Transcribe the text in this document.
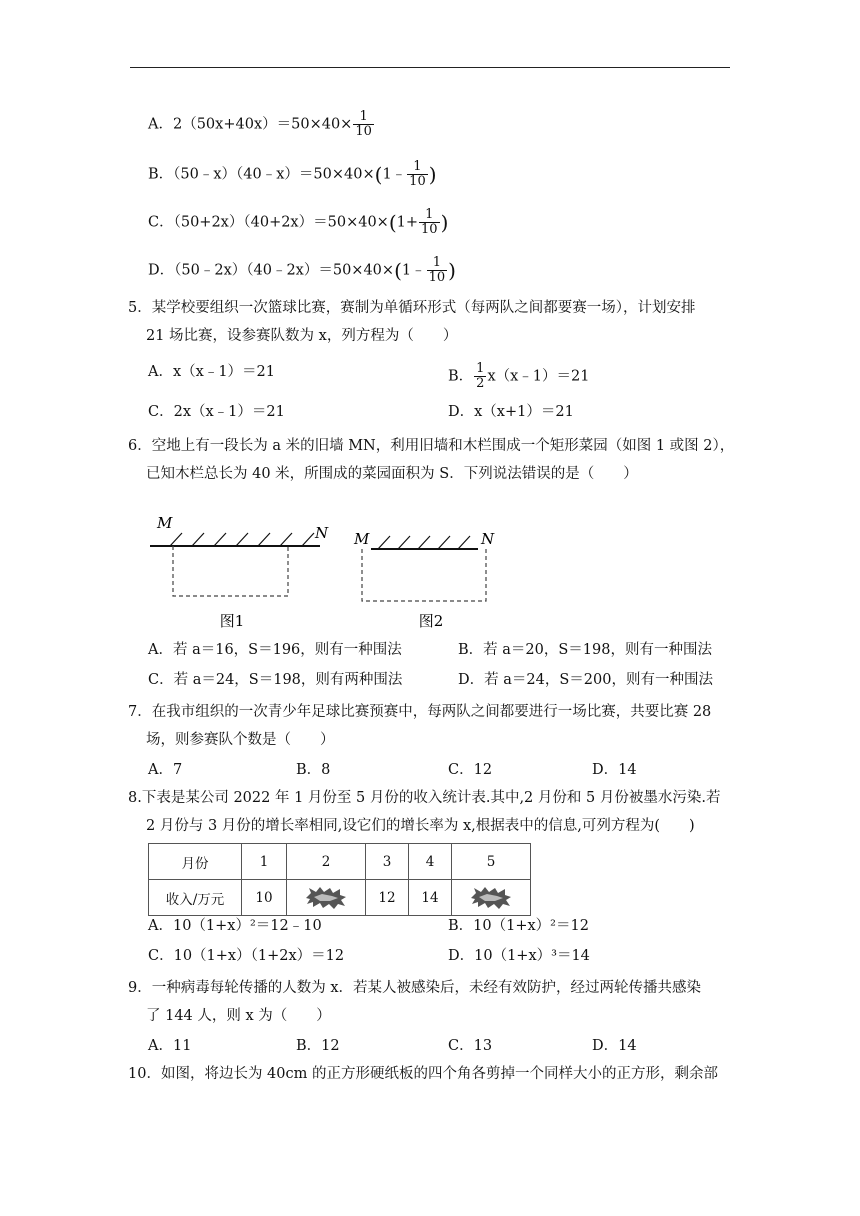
A．$2(50x+40x)=50\times 40\times \frac{1}{10}$
B．（50﹣x）（40﹣x）＝50×40×(1﹣ $\frac{1}{10}$ )
C．$(50+2x)(40+2x)=50\times 40\times(1+ \frac{1}{10}$ )
D．（50﹣2x）（40﹣2x）＝50×40×(1﹣ $\frac{1}{10}$ )
5．某学校要组织一次篮球比赛，赛制为单循环形式（每两队之间都要赛一场），计划安排
21 场比赛，设参赛队数为 x，列方程为（　　）
A．x（x﹣1）＝21	B． $\frac{1}{2}$ x（x﹣1）＝21
C．2x（x﹣1）＝21	D．x（x+1）＝21
6．空地上有一段长为 a 米的旧墙 MN，利用旧墙和木栏围成一个矩形菜园（如图 1 或图 2），
已知木栏总长为 40 米，所围成的菜园面积为 S．下列说法错误的是（　　）
M
N
图1
M	N
图2
A．若 a＝16，S＝196，则有一种围法	B．若 a＝20，S＝198，则有一种围法
C．若 a＝24，S＝198，则有两种围法	D．若 a＝24，S＝200，则有一种围法
7．在我市组织的一次青少年足球比赛预赛中，每两队之间都要进行一场比赛，共要比赛 28
场，则参赛队个数是（　　）
A．7	B．8	C．12	D．14
8.下表是某公司 2022 年 1 月份至 5 月份的收入统计表.其中,2 月份和 5 月份被墨水污染.若
2 月份与 3 月份的增长率相同,设它们的增长率为 x,根据表中的信息,可列方程为(　　)
月份	1	2	3	4	5
收入/万元	10		12	14	
A．10（1+x）²＝12﹣10	B．10（1+x）²＝12
C．10（1+x）（1+2x）＝12	D．10（1+x）³＝14
9．一种病毒每轮传播的人数为 x．若某人被感染后，未经有效防护，经过两轮传播共感染
了 144 人，则 x 为（　　）
A．11	B．12	C．13	D．14
10．如图，将边长为 40cm 的正方形硬纸板的四个角各剪掉一个同样大小的正方形，剩余部
